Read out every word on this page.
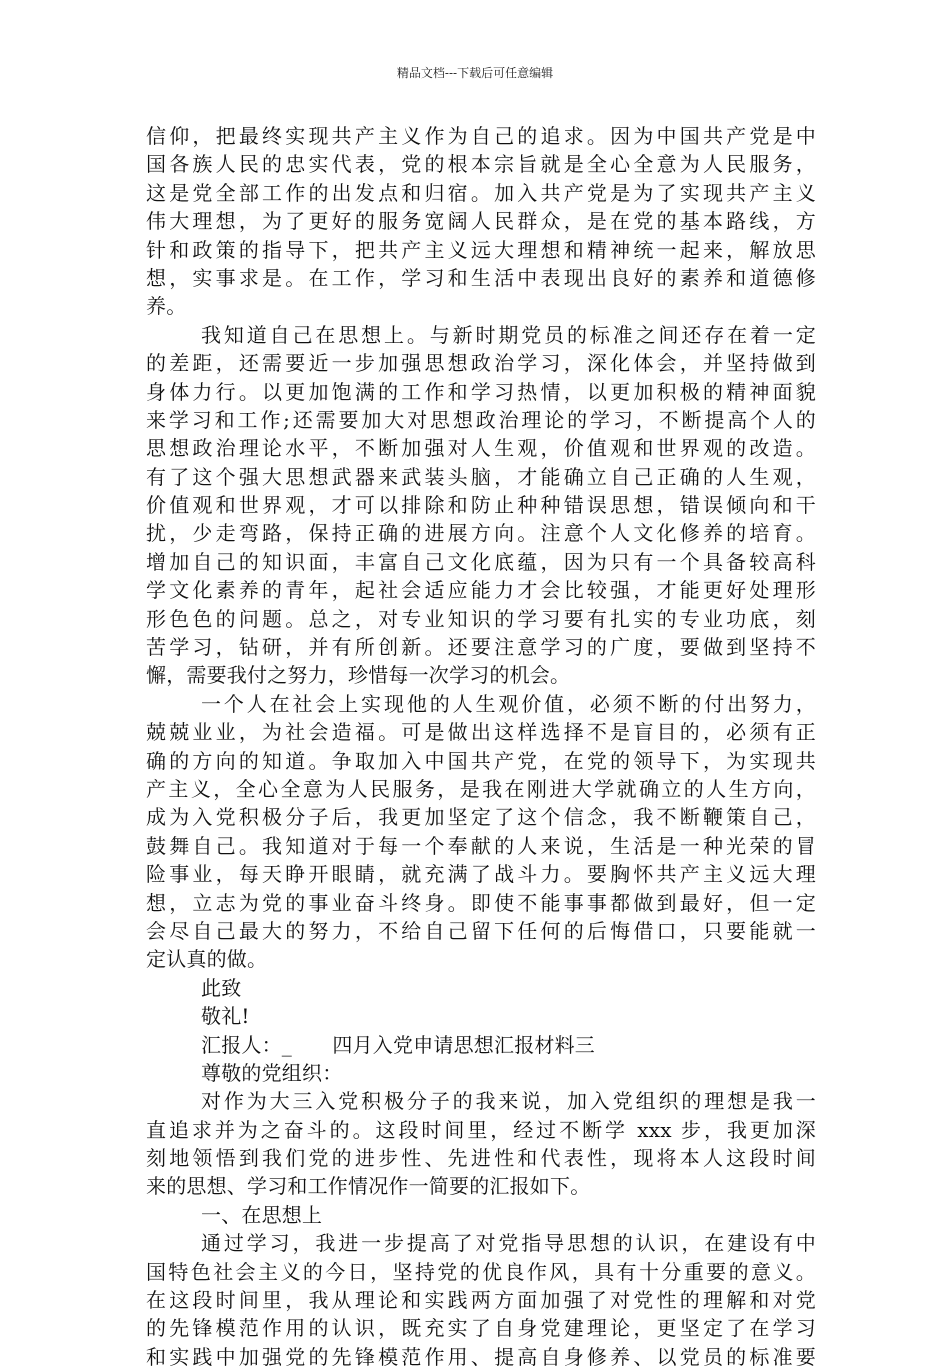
精品文档---下载后可任意编辑
信仰，把最终实现共产主义作为自己的追求。因为中国共产党是中
国各族人民的忠实代表，党的根本宗旨就是全心全意为人民服务，
这是党全部工作的出发点和归宿。加入共产党是为了实现共产主义
伟大理想，为了更好的服务宽阔人民群众，是在党的基本路线，方
针和政策的指导下，把共产主义远大理想和精神统一起来，解放思
想，实事求是。在工作，学习和生活中表现出良好的素养和道德修
养。
我知道自己在思想上。与新时期党员的标准之间还存在着一定
的差距，还需要近一步加强思想政治学习，深化体会，并坚持做到
身体力行。以更加饱满的工作和学习热情，以更加积极的精神面貌
来学习和工作;还需要加大对思想政治理论的学习，不断提高个人的
思想政治理论水平，不断加强对人生观，价值观和世界观的改造。
有了这个强大思想武器来武装头脑，才能确立自己正确的人生观，
价值观和世界观，才可以排除和防止种种错误思想，错误倾向和干
扰，少走弯路，保持正确的进展方向。注意个人文化修养的培育。
增加自己的知识面，丰富自己文化底蕴，因为只有一个具备较高科
学文化素养的青年，起社会适应能力才会比较强，才能更好处理形
形色色的问题。总之，对专业知识的学习要有扎实的专业功底，刻
苦学习，钻研，并有所创新。还要注意学习的广度，要做到坚持不
懈，需要我付之努力，珍惜每一次学习的机会。
一个人在社会上实现他的人生观价值，必须不断的付出努力，
兢兢业业，为社会造福。可是做出这样选择不是盲目的，必须有正
确的方向的知道。争取加入中国共产党，在党的领导下，为实现共
产主义，全心全意为人民服务，是我在刚进大学就确立的人生方向，
成为入党积极分子后，我更加坚定了这个信念，我不断鞭策自己，
鼓舞自己。我知道对于每一个奉献的人来说，生活是一种光荣的冒
险事业，每天睁开眼睛，就充满了战斗力。要胸怀共产主义远大理
想，立志为党的事业奋斗终身。即使不能事事都做到最好，但一定
会尽自己最大的努力，不给自己留下任何的后悔借口，只要能就一
定认真的做。
此致
敬礼!
汇报人：_　　四月入党申请思想汇报材料三
尊敬的党组织：
对作为大三入党积极分子的我来说，加入党组织的理想是我一
直追求并为之奋斗的。这段时间里，经过不断学 xxx 步，我更加深
刻地领悟到我们党的进步性、先进性和代表性，现将本人这段时间
来的思想、学习和工作情况作一简要的汇报如下。
一、在思想上
通过学习，我进一步提高了对党指导思想的认识，在建设有中
国特色社会主义的今日，坚持党的优良作风，具有十分重要的意义。
在这段时间里，我从理论和实践两方面加强了对党性的理解和对党
的先锋模范作用的认识，既充实了自身党建理论，更坚定了在学习
和实践中加强党的先锋模范作用、提高自身修养、以党员的标准要
